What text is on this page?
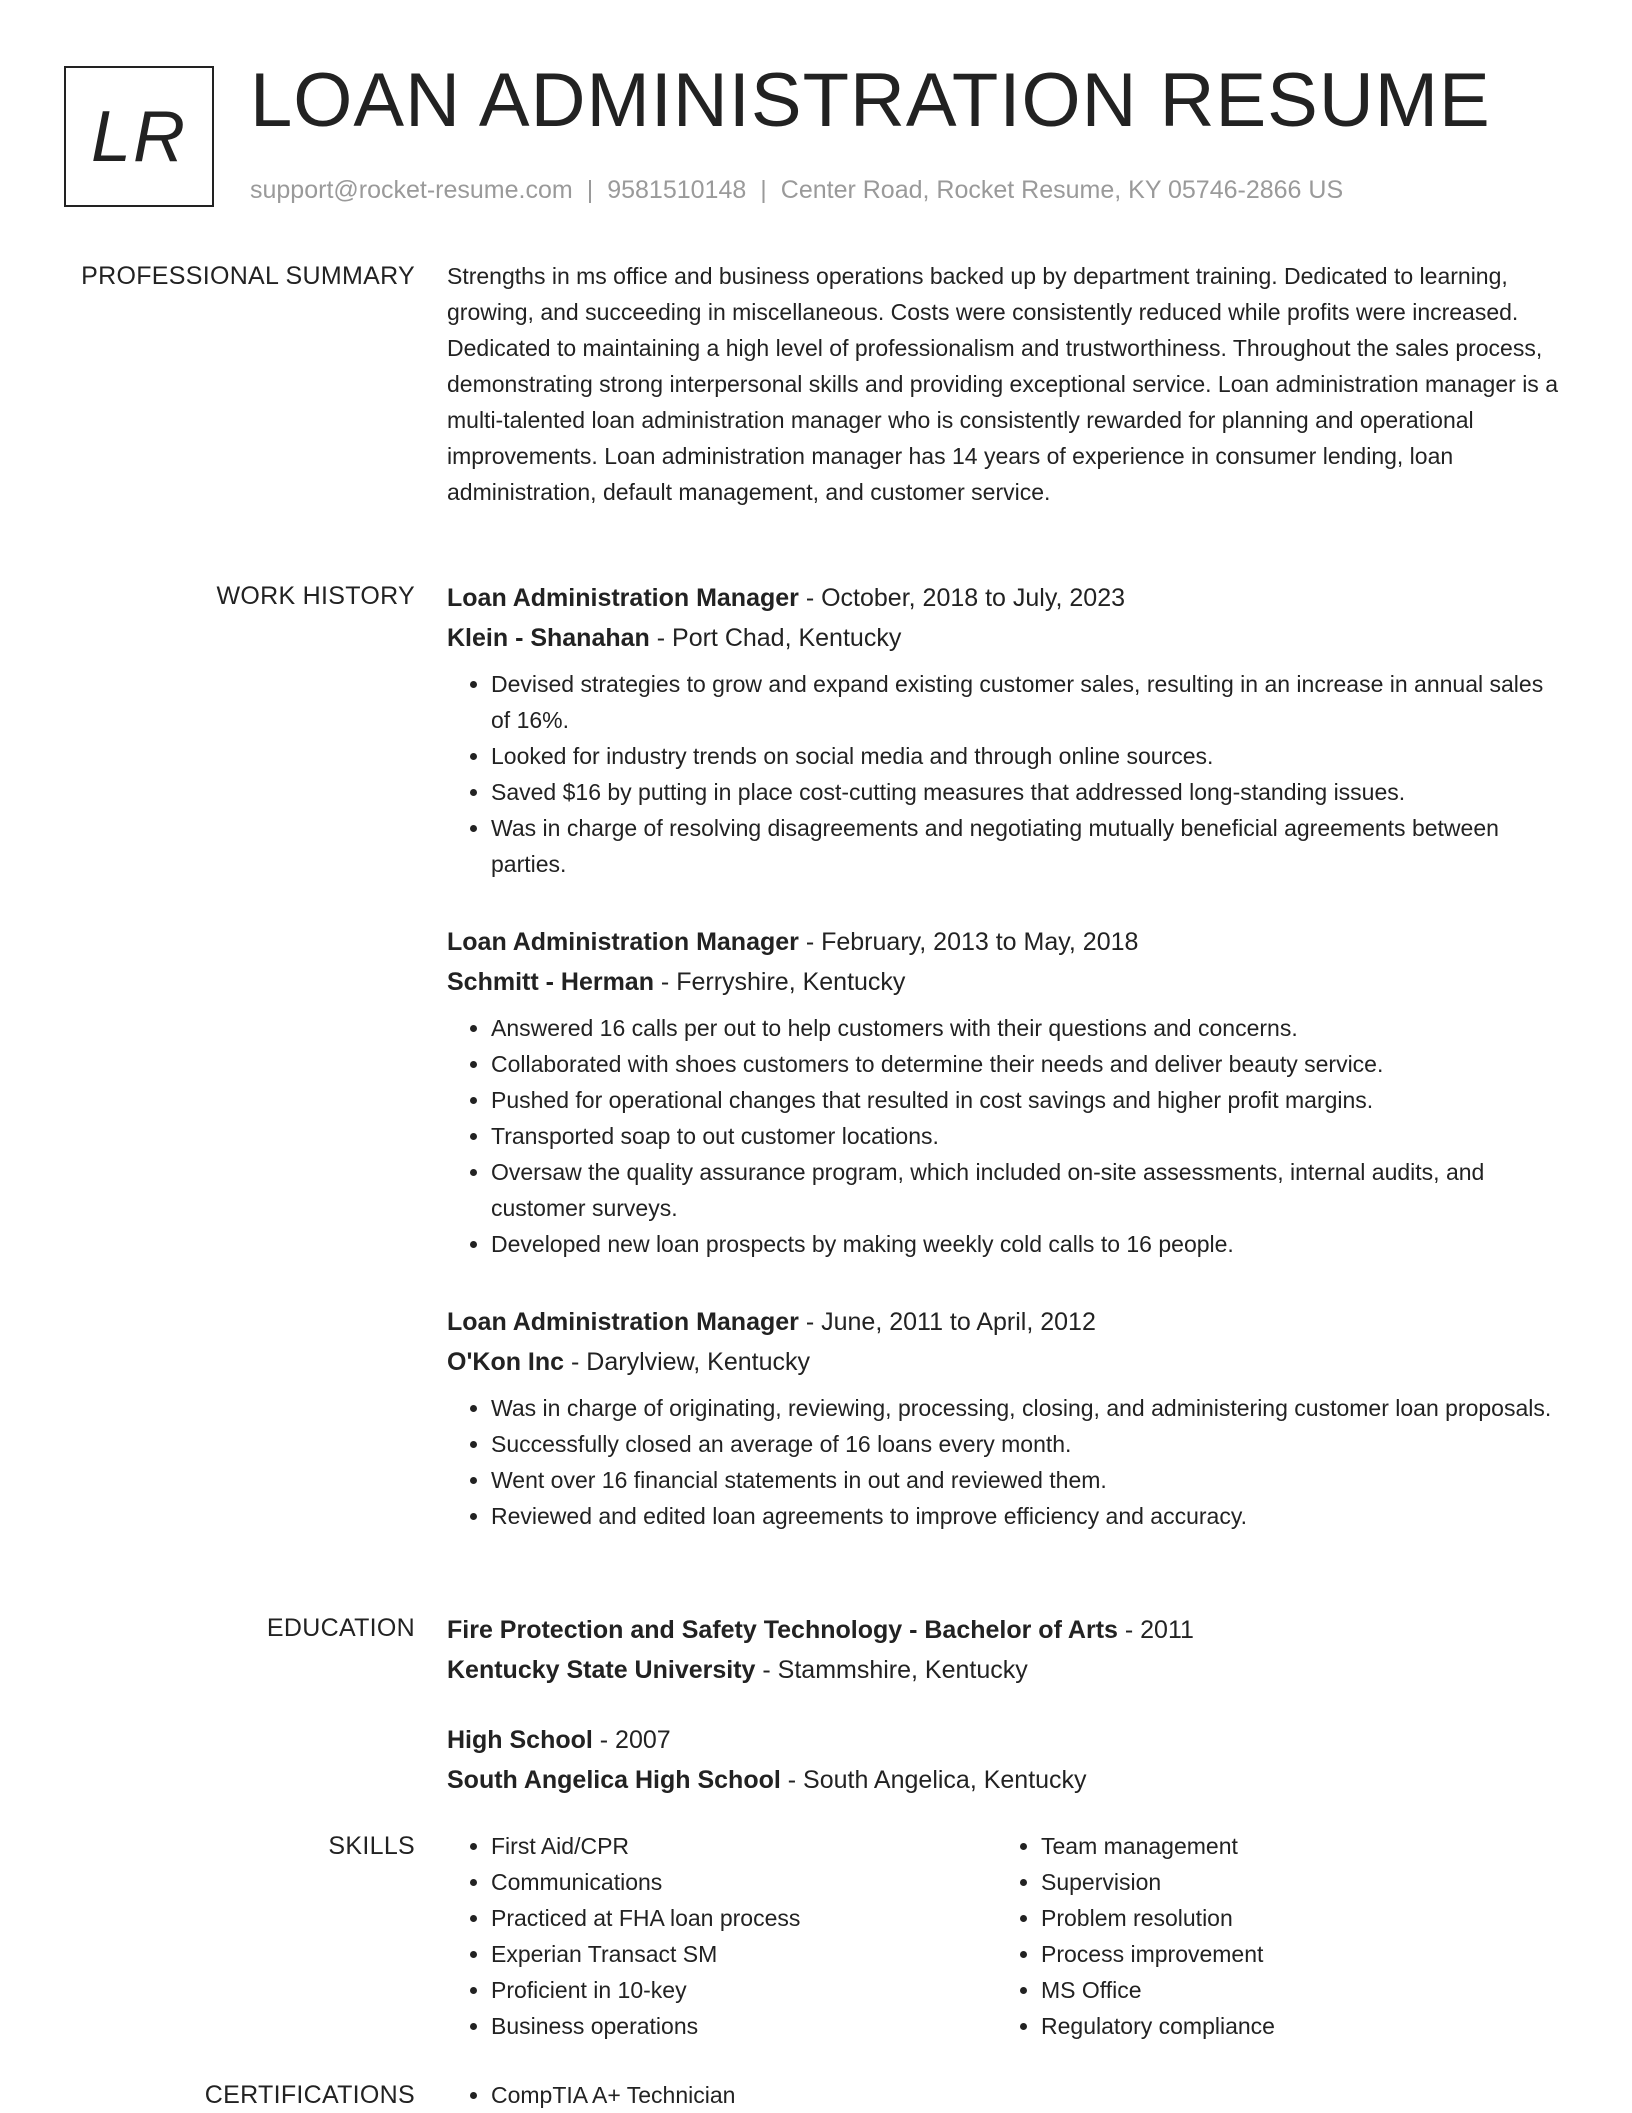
LR LOAN ADMINISTRATION RESUME
support@rocket-resume.com | 9581510148 | Center Road, Rocket Resume, KY 05746-2866 US
PROFESSIONAL SUMMARY Strengths in ms office and business operations backed up by department training. Dedicated to learning, growing, and succeeding in miscellaneous. Costs were consistently reduced while profits were increased. Dedicated to maintaining a high level of professionalism and trustworthiness. Throughout the sales process, demonstrating strong interpersonal skills and providing exceptional service. Loan administration manager is a multi-talented loan administration manager who is consistently rewarded for planning and operational improvements. Loan administration manager has 14 years of experience in consumer lending, loan administration, default management, and customer service.

WORK HISTORY Loan Administration Manager - October, 2018 to July, 2023
Klein - Shanahan - Port Chad, Kentucky
• Devised strategies to grow and expand existing customer sales, resulting in an increase in annual sales of 16%.
• Looked for industry trends on social media and through online sources.
• Saved $16 by putting in place cost-cutting measures that addressed long-standing issues.
• Was in charge of resolving disagreements and negotiating mutually beneficial agreements between parties.
Loan Administration Manager - February, 2013 to May, 2018
Schmitt - Herman - Ferryshire, Kentucky
• Answered 16 calls per out to help customers with their questions and concerns.
• Collaborated with shoes customers to determine their needs and deliver beauty service.
• Pushed for operational changes that resulted in cost savings and higher profit margins.
• Transported soap to out customer locations.
• Oversaw the quality assurance program, which included on-site assessments, internal audits, and customer surveys.
• Developed new loan prospects by making weekly cold calls to 16 people.
Loan Administration Manager - June, 2011 to April, 2012
O'Kon Inc - Darylview, Kentucky
• Was in charge of originating, reviewing, processing, closing, and administering customer loan proposals.
• Successfully closed an average of 16 loans every month.
• Went over 16 financial statements in out and reviewed them.
• Reviewed and edited loan agreements to improve efficiency and accuracy.
EDUCATION Fire Protection and Safety Technology - Bachelor of Arts - 2011
Kentucky State University - Stammshire, Kentucky
High School - 2007
South Angelica High School - South Angelica, Kentucky
SKILLS	• First Aid/CPR
• Communications
• Practiced at FHA loan process
• Experian Transact SM
• Proficient in 10-key
• Business operations
• Team management
• Supervision
• Problem resolution
• Process improvement
• MS Office
• Regulatory compliance
CERTIFICATIONS	• CompTIA A+ Technician
